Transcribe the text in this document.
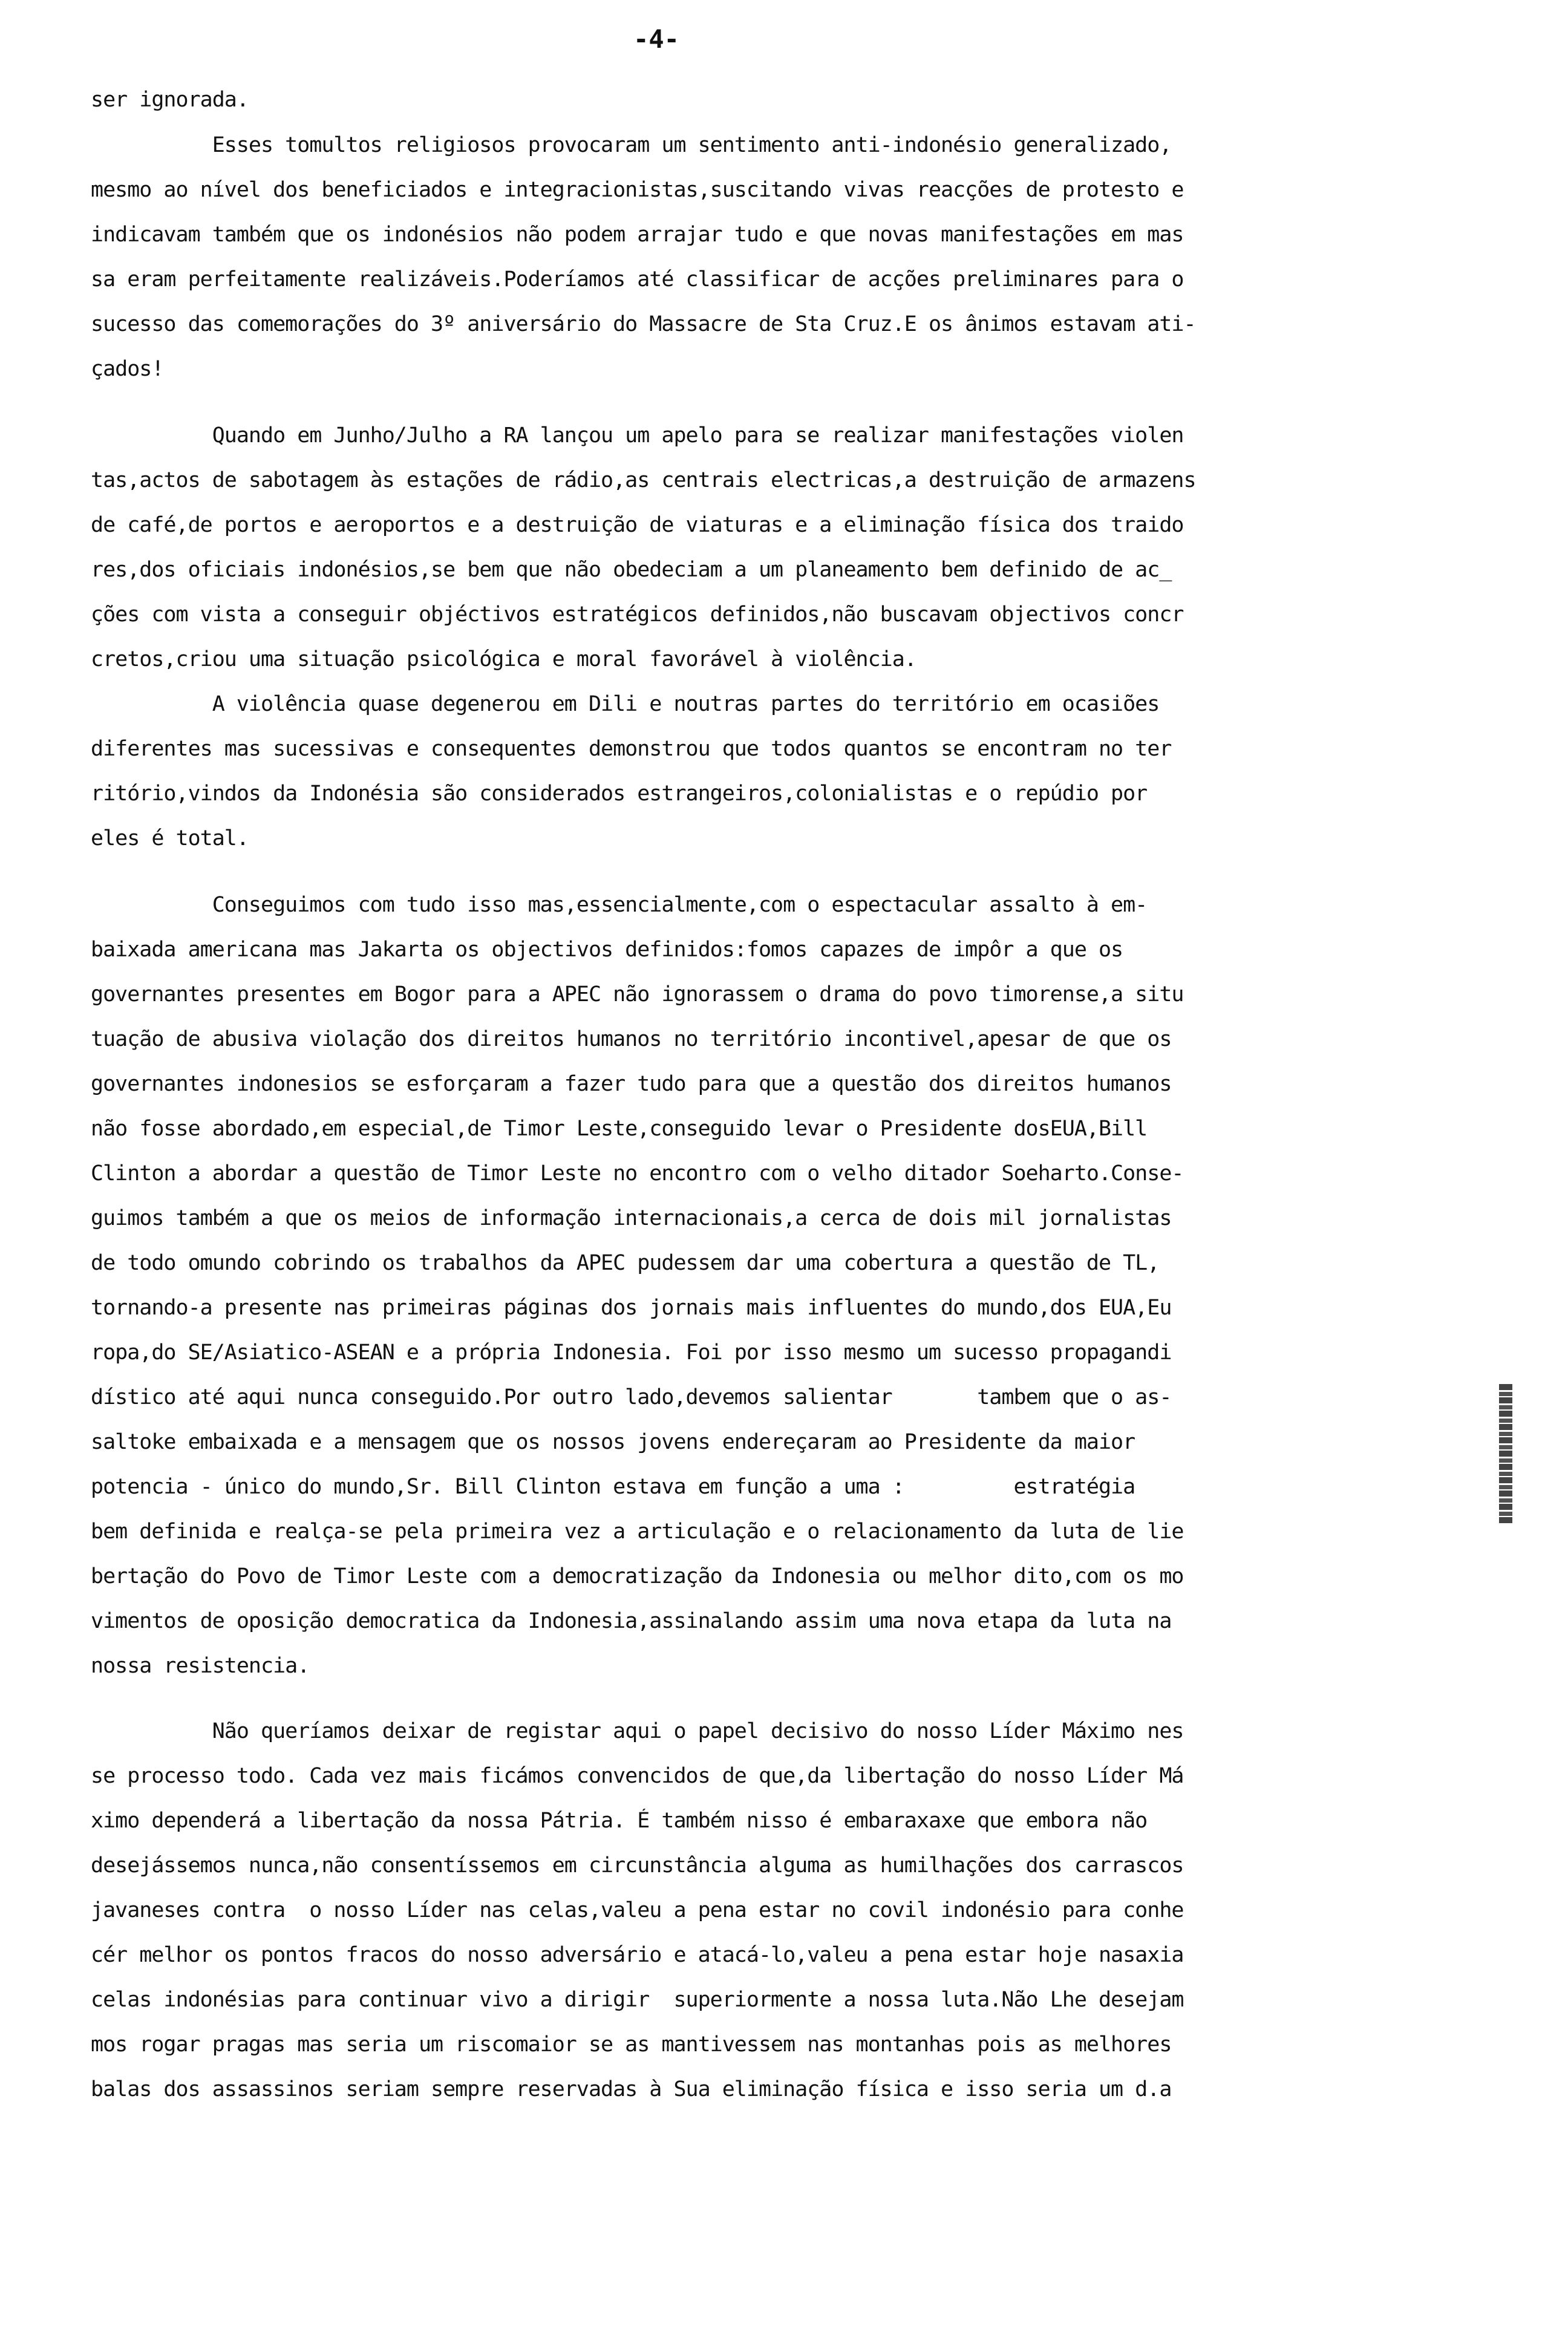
-4-
ser ignorada.
Esses tomultos religiosos provocaram um sentimento anti-indonésio generalizado,
mesmo ao nível dos beneficiados e integracionistas,suscitando vivas reacções de protesto e
indicavam também que os indonésios não podem arrajar tudo e que novas manifestações em mas
sa eram perfeitamente realizáveis.Poderíamos até classificar de acções preliminares para o
sucesso das comemorações do 3º aniversário do Massacre de Sta Cruz.E os ânimos estavam ati-
çados!
Quando em Junho/Julho a RA lançou um apelo para se realizar manifestações violen
tas,actos de sabotagem às estações de rádio,as centrais electricas,a destruição de armazens
de café,de portos e aeroportos e a destruição de viaturas e a eliminação física dos traido
res,dos oficiais indonésios,se bem que não obedeciam a um planeamento bem definido de ac_
ções com vista a conseguir objéctivos estratégicos definidos,não buscavam objectivos concr
cretos,criou uma situação psicológica e moral favorável à violência.
A violência quase degenerou em Dili e noutras partes do território em ocasiões
diferentes mas sucessivas e consequentes demonstrou que todos quantos se encontram no ter
ritório,vindos da Indonésia são considerados estrangeiros,colonialistas e o repúdio por
eles é total.
Conseguimos com tudo isso mas,essencialmente,com o espectacular assalto à em-
baixada americana mas Jakarta os objectivos definidos:fomos capazes de impôr a que os
governantes presentes em Bogor para a APEC não ignorassem o drama do povo timorense,a situ
tuação de abusiva violação dos direitos humanos no território incontivel,apesar de que os
governantes indonesios se esforçaram a fazer tudo para que a questão dos direitos humanos
não fosse abordado,em especial,de Timor Leste,conseguido levar o Presidente dosEUA,Bill
Clinton a abordar a questão de Timor Leste no encontro com o velho ditador Soeharto.Conse-
guimos também a que os meios de informação internacionais,a cerca de dois mil jornalistas
de todo omundo cobrindo os trabalhos da APEC pudessem dar uma cobertura a questão de TL,
tornando-a presente nas primeiras páginas dos jornais mais influentes do mundo,dos EUA,Eu
ropa,do SE/Asiatico-ASEAN e a própria Indonesia. Foi por isso mesmo um sucesso propagandi
dístico até aqui nunca conseguido.Por outro lado,devemos salientar       tambem que o as-
saltoke embaixada e a mensagem que os nossos jovens endereçaram ao Presidente da maior
potencia - único do mundo,Sr. Bill Clinton estava em função a uma :         estratégia
bem definida e realça-se pela primeira vez a articulação e o relacionamento da luta de lie
bertação do Povo de Timor Leste com a democratização da Indonesia ou melhor dito,com os mo
vimentos de oposição democratica da Indonesia,assinalando assim uma nova etapa da luta na
nossa resistencia.
Não queríamos deixar de registar aqui o papel decisivo do nosso Líder Máximo nes
se processo todo. Cada vez mais ficámos convencidos de que,da libertação do nosso Líder Má
ximo dependerá a libertação da nossa Pátria. É também nisso é embaraxaxe que embora não
desejássemos nunca,não consentíssemos em circunstância alguma as humilhações dos carrascos
javaneses contra  o nosso Líder nas celas,valeu a pena estar no covil indonésio para conhe
cér melhor os pontos fracos do nosso adversário e atacá-lo,valeu a pena estar hoje nasaxia
celas indonésias para continuar vivo a dirigir  superiormente a nossa luta.Não Lhe desejam
mos rogar pragas mas seria um riscomaior se as mantivessem nas montanhas pois as melhores
balas dos assassinos seriam sempre reservadas à Sua eliminação física e isso seria um d.a
